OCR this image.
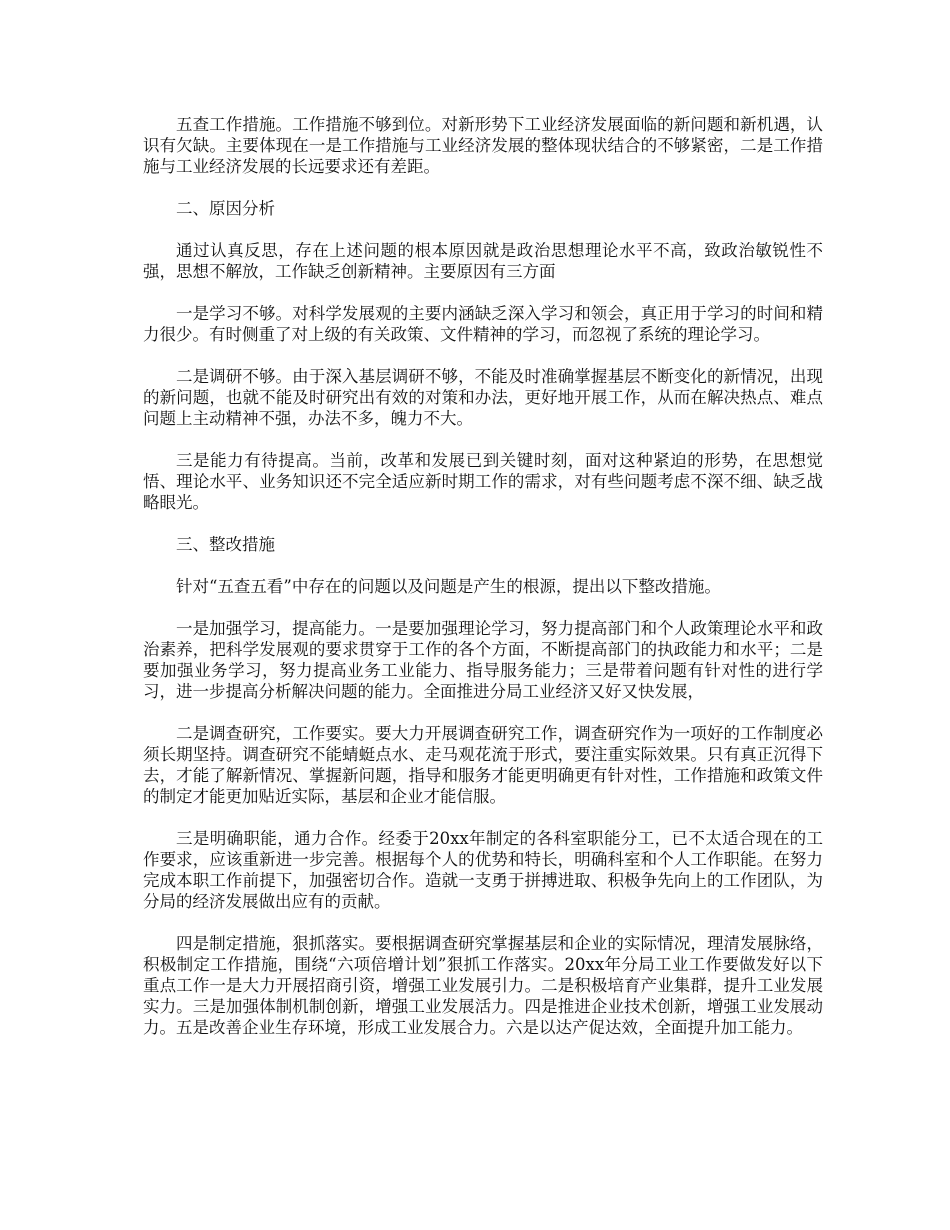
五查工作措施。工作措施不够到位。对新形势下工业经济发展面临的新问题和新机遇，认识有欠缺。主要体现在一是工作措施与工业经济发展的整体现状结合的不够紧密，二是工作措施与工业经济发展的长远要求还有差距。

二、原因分析

通过认真反思，存在上述问题的根本原因就是政治思想理论水平不高，致政治敏锐性不强，思想不解放，工作缺乏创新精神。主要原因有三方面

一是学习不够。对科学发展观的主要内涵缺乏深入学习和领会，真正用于学习的时间和精力很少。有时侧重了对上级的有关政策、文件精神的学习，而忽视了系统的理论学习。

二是调研不够。由于深入基层调研不够，不能及时准确掌握基层不断变化的新情况，出现的新问题，也就不能及时研究出有效的对策和办法，更好地开展工作，从而在解决热点、难点问题上主动精神不强，办法不多，魄力不大。

三是能力有待提高。当前，改革和发展已到关键时刻，面对这种紧迫的形势，在思想觉悟、理论水平、业务知识还不完全适应新时期工作的需求，对有些问题考虑不深不细、缺乏战略眼光。

三、整改措施

针对“五查五看”中存在的问题以及问题是产生的根源，提出以下整改措施。

一是加强学习，提高能力。一是要加强理论学习，努力提高部门和个人政策理论水平和政治素养，把科学发展观的要求贯穿于工作的各个方面，不断提高部门的执政能力和水平；二是要加强业务学习，努力提高业务工业能力、指导服务能力；三是带着问题有针对性的进行学习，进一步提高分析解决问题的能力。全面推进分局工业经济又好又快发展，

二是调查研究，工作要实。要大力开展调查研究工作，调查研究作为一项好的工作制度必须长期坚持。调查研究不能蜻蜓点水、走马观花流于形式，要注重实际效果。只有真正沉得下去，才能了解新情况、掌握新问题，指导和服务才能更明确更有针对性，工作措施和政策文件的制定才能更加贴近实际，基层和企业才能信服。

三是明确职能，通力合作。经委于20xx年制定的各科室职能分工，已不太适合现在的工作要求，应该重新进一步完善。根据每个人的优势和特长，明确科室和个人工作职能。在努力完成本职工作前提下，加强密切合作。造就一支勇于拼搏进取、积极争先向上的工作团队，为分局的经济发展做出应有的贡献。

四是制定措施，狠抓落实。要根据调查研究掌握基层和企业的实际情况，理清发展脉络，积极制定工作措施，围绕“六项倍增计划”狠抓工作落实。20xx年分局工业工作要做发好以下重点工作一是大力开展招商引资，增强工业发展引力。二是积极培育产业集群，提升工业发展实力。三是加强体制机制创新，增强工业发展活力。四是推进企业技术创新，增强工业发展动力。五是改善企业生存环境，形成工业发展合力。六是以达产促达效，全面提升加工能力。
